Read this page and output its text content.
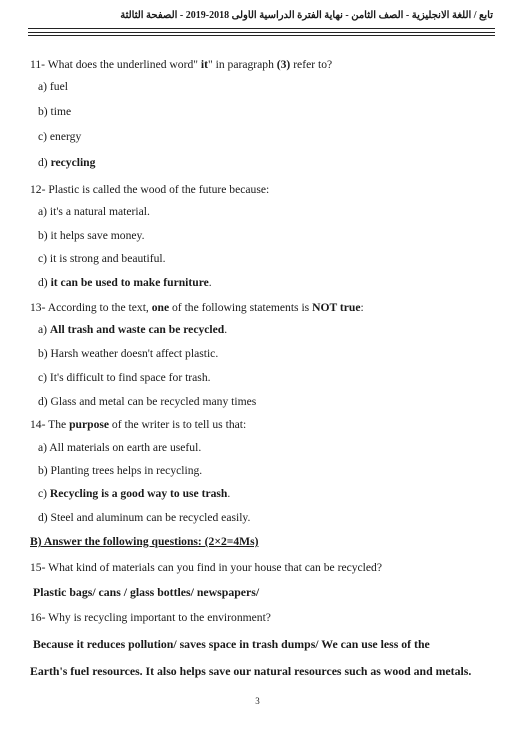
تابع / اللغة الانجليزية - الصف الثامن - نهاية الفترة الدراسية الأولى 2018-2019 - الصفحة الثالثة
11- What does the underlined word" it" in paragraph (3) refer to?
a) fuel
b) time
c) energy
d) recycling
12- Plastic is called the wood of the future because:
a) it's a natural material.
b) it helps save money.
c) it is strong and beautiful.
d) it can be used to make furniture.
13- According to the text, one of the following statements is NOT true:
a) All trash and waste can be recycled.
b) Harsh weather doesn't affect plastic.
c) It's difficult to find space for trash.
d) Glass and metal can be recycled many times
14- The purpose of the writer is to tell us that:
a) All materials on earth are useful.
b) Planting trees helps in recycling.
c) Recycling is a good way to use trash.
d) Steel and aluminum can be recycled easily.
B) Answer the following questions: (2×2=4Ms)
15- What kind of materials can you find in your house that can be recycled?
Plastic bags/ cans / glass bottles/ newspapers/
16- Why is recycling important to the environment?
Because it reduces pollution/ saves space in trash dumps/ We can use less of the
Earth's fuel resources. It also helps save our natural resources such as wood and metals.
3
